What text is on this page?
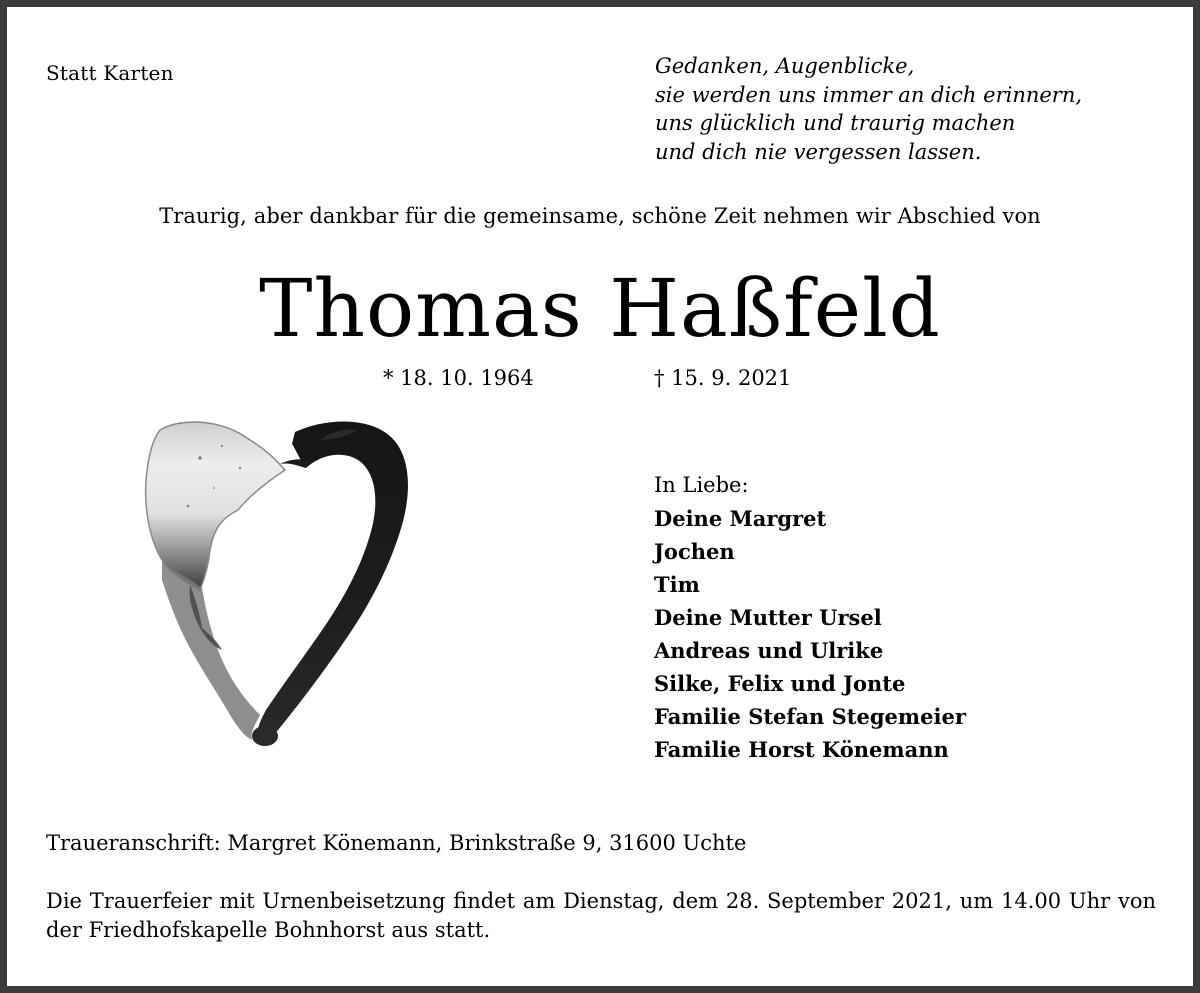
Statt Karten	Gedanken, Augenblicke,
sie werden uns immer an dich erinnern,
uns glücklich und traurig machen
und dich nie vergessen lassen.
Traurig, aber dankbar für die gemeinsame, schöne Zeit nehmen wir Abschied von
Thomas Haßfeld
* 18. 10. 1964	† 15. 9. 2021
In Liebe:
Deine Margret
Jochen
Tim
Deine Mutter Ursel
Andreas und Ulrike
Silke, Felix und Jonte
Familie Stefan Stegemeier
Familie Horst Könemann
Traueranschrift: Margret Könemann, Brinkstraße 9, 31600 Uchte
Die Trauerfeier mit Urnenbeisetzung findet am Dienstag, dem 28. September 2021, um 14.00 Uhr von der Friedhofskapelle Bohnhorst aus statt.
